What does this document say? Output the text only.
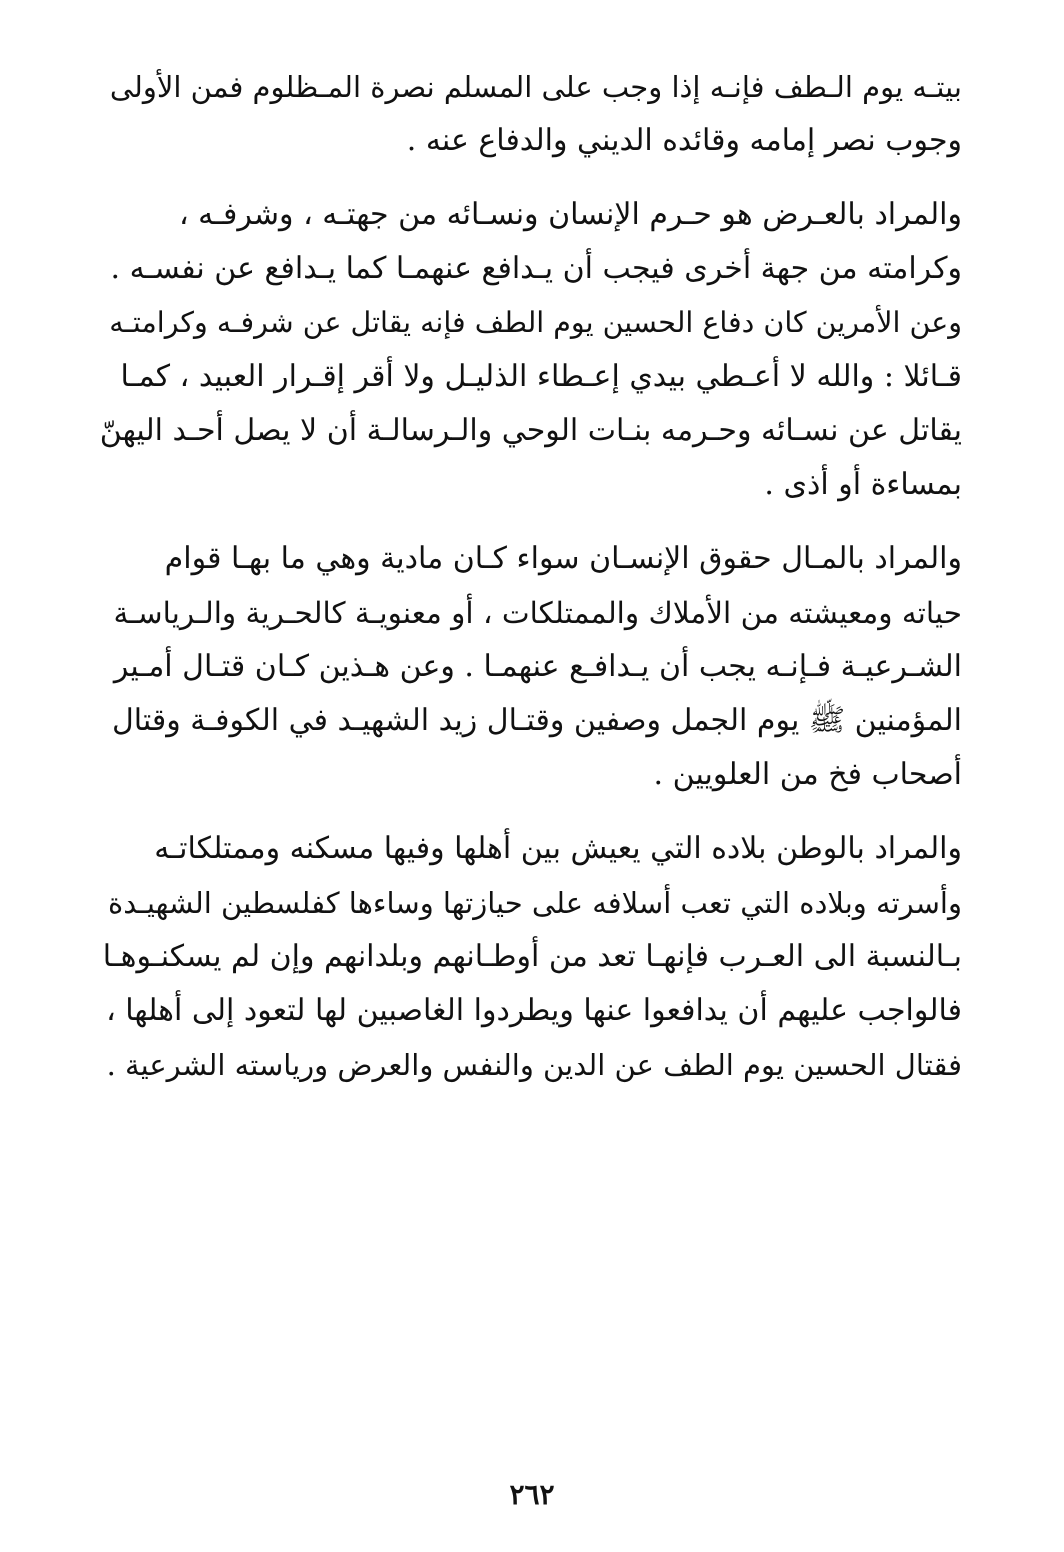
بيتـه يوم الـطف فإنـه إذا وجب على المسلم نصرة المـظلوم فمن الأولى
وجوب نصر إمامه وقائده الديني والدفاع عنه .

والمراد بالعـرض هو حـرم الإنسان ونسـائه من جهتـه ، وشرفـه ،
وكرامته من جهة أخرى فيجب أن يـدافع عنهمـا كما يـدافع عن نفسـه .
وعن الأمرين كان دفاع الحسين يوم الطف فإنه يقاتل عن شرفـه وكرامتـه
قـائلا : والله لا أعـطي بيدي إعـطاء الذليـل ولا أقر إقـرار العبيد ، كمـا
يقاتل عن نسـائه وحـرمه بنـات الوحي والـرسالـة أن لا يصل أحـد اليهنّ
بمساءة أو أذى .

والمراد بالمـال حقوق الإنسـان سواء كـان مادية وهي ما بهـا قوام
حياته ومعيشته من الأملاك والممتلكات ، أو معنويـة كالحـرية والـرياسـة
الشـرعيـة فـإنـه يجب أن يـدافـع عنهمـا . وعن هـذين كـان قتـال أمـير
المؤمنين ﷺ يوم الجمل وصفين وقتـال زيد الشهيـد في الكوفـة وقتال
أصحاب فخ من العلويين .

والمراد بالوطن بلاده التي يعيش بين أهلها وفيها مسكنه وممتلكاتـه
وأسرته وبلاده التي تعب أسلافه على حيازتها وساءها كفلسطين الشهيـدة
بـالنسبة الى العـرب فإنهـا تعد من أوطـانهم وبلدانهم وإن لم يسكنـوهـا
فالواجب عليهم أن يدافعوا عنها ويطردوا الغاصبين لها لتعود إلى أهلها ،
فقتال الحسين يوم الطف عن الدين والنفس والعرض ورياسته الشرعية .

٢٦٢
